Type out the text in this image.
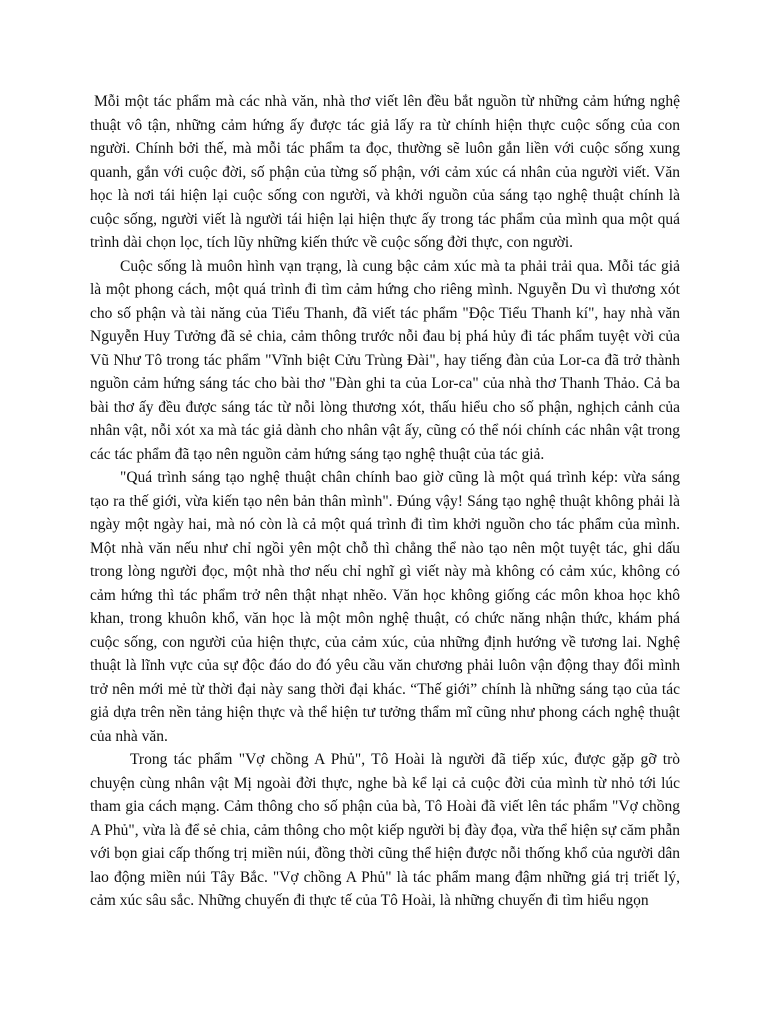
Mỗi một tác phẩm mà các nhà văn, nhà thơ viết lên đều bắt nguồn từ những cảm hứng nghệ thuật vô tận, những cảm hứng ấy được tác giả lấy ra từ chính hiện thực cuộc sống của con người. Chính bởi thế, mà mỗi tác phẩm ta đọc, thường sẽ luôn gắn liền với cuộc sống xung quanh, gắn với cuộc đời, số phận của từng số phận, với cảm xúc cá nhân của người viết. Văn học là nơi tái hiện lại cuộc sống con người, và khởi nguồn của sáng tạo nghệ thuật chính là cuộc sống, người viết là người tái hiện lại hiện thực ấy trong tác phẩm của mình qua một quá trình dài chọn lọc, tích lũy những kiến thức về cuộc sống đời thực, con người.

Cuộc sống là muôn hình vạn trạng, là cung bậc cảm xúc mà ta phải trải qua. Mỗi tác giả là một phong cách, một quá trình đi tìm cảm hứng cho riêng mình. Nguyễn Du vì thương xót cho số phận và tài năng của Tiểu Thanh, đã viết tác phẩm "Độc Tiểu Thanh kí", hay nhà văn Nguyễn Huy Tưởng đã sẻ chia, cảm thông trước nỗi đau bị phá hủy đi tác phẩm tuyệt vời của Vũ Như Tô trong tác phẩm "Vĩnh biệt Cửu Trùng Đài", hay tiếng đàn của Lor-ca đã trở thành nguồn cảm hứng sáng tác cho bài thơ "Đàn ghi ta của Lor-ca" của nhà thơ Thanh Thảo. Cả ba bài thơ ấy đều được sáng tác từ nỗi lòng thương xót, thấu hiểu cho số phận, nghịch cảnh của nhân vật, nỗi xót xa mà tác giả dành cho nhân vật ấy, cũng có thể nói chính các nhân vật trong các tác phẩm đã tạo nên nguồn cảm hứng sáng tạo nghệ thuật của tác giả.

"Quá trình sáng tạo nghệ thuật chân chính bao giờ cũng là một quá trình kép: vừa sáng tạo ra thế giới, vừa kiến tạo nên bản thân mình". Đúng vậy! Sáng tạo nghệ thuật không phải là ngày một ngày hai, mà nó còn là cả một quá trình đi tìm khởi nguồn cho tác phẩm của mình. Một nhà văn nếu như chỉ ngồi yên một chỗ thì chẳng thể nào tạo nên một tuyệt tác, ghi dấu trong lòng người đọc, một nhà thơ nếu chỉ nghĩ gì viết này mà không có cảm xúc, không có cảm hứng thì tác phẩm trở nên thật nhạt nhẽo. Văn học không giống các môn khoa học khô khan, trong khuôn khổ, văn học là một môn nghệ thuật, có chức năng nhận thức, khám phá cuộc sống, con người của hiện thực, của cảm xúc, của những định hướng về tương lai. Nghệ thuật là lĩnh vực của sự độc đáo do đó yêu cầu văn chương phải luôn vận động thay đổi mình trở nên mới mẻ từ thời đại này sang thời đại khác. “Thế giới” chính là những sáng tạo của tác giả dựa trên nền tảng hiện thực và thể hiện tư tưởng thẩm mĩ cũng như phong cách nghệ thuật của nhà văn.

Trong tác phẩm "Vợ chồng A Phủ", Tô Hoài là người đã tiếp xúc, được gặp gỡ trò chuyện cùng nhân vật Mị ngoài đời thực, nghe bà kể lại cả cuộc đời của mình từ nhỏ tới lúc tham gia cách mạng. Cảm thông cho số phận của bà, Tô Hoài đã viết lên tác phẩm "Vợ chồng A Phủ", vừa là để sẻ chia, cảm thông cho một kiếp người bị đày đọa, vừa thể hiện sự căm phẫn với bọn giai cấp thống trị miền núi, đồng thời cũng thể hiện được nỗi thống khổ của người dân lao động miền núi Tây Bắc. "Vợ chồng A Phủ" là tác phẩm mang đậm những giá trị triết lý, cảm xúc sâu sắc. Những chuyến đi thực tế của Tô Hoài, là những chuyến đi tìm hiểu ngọn
